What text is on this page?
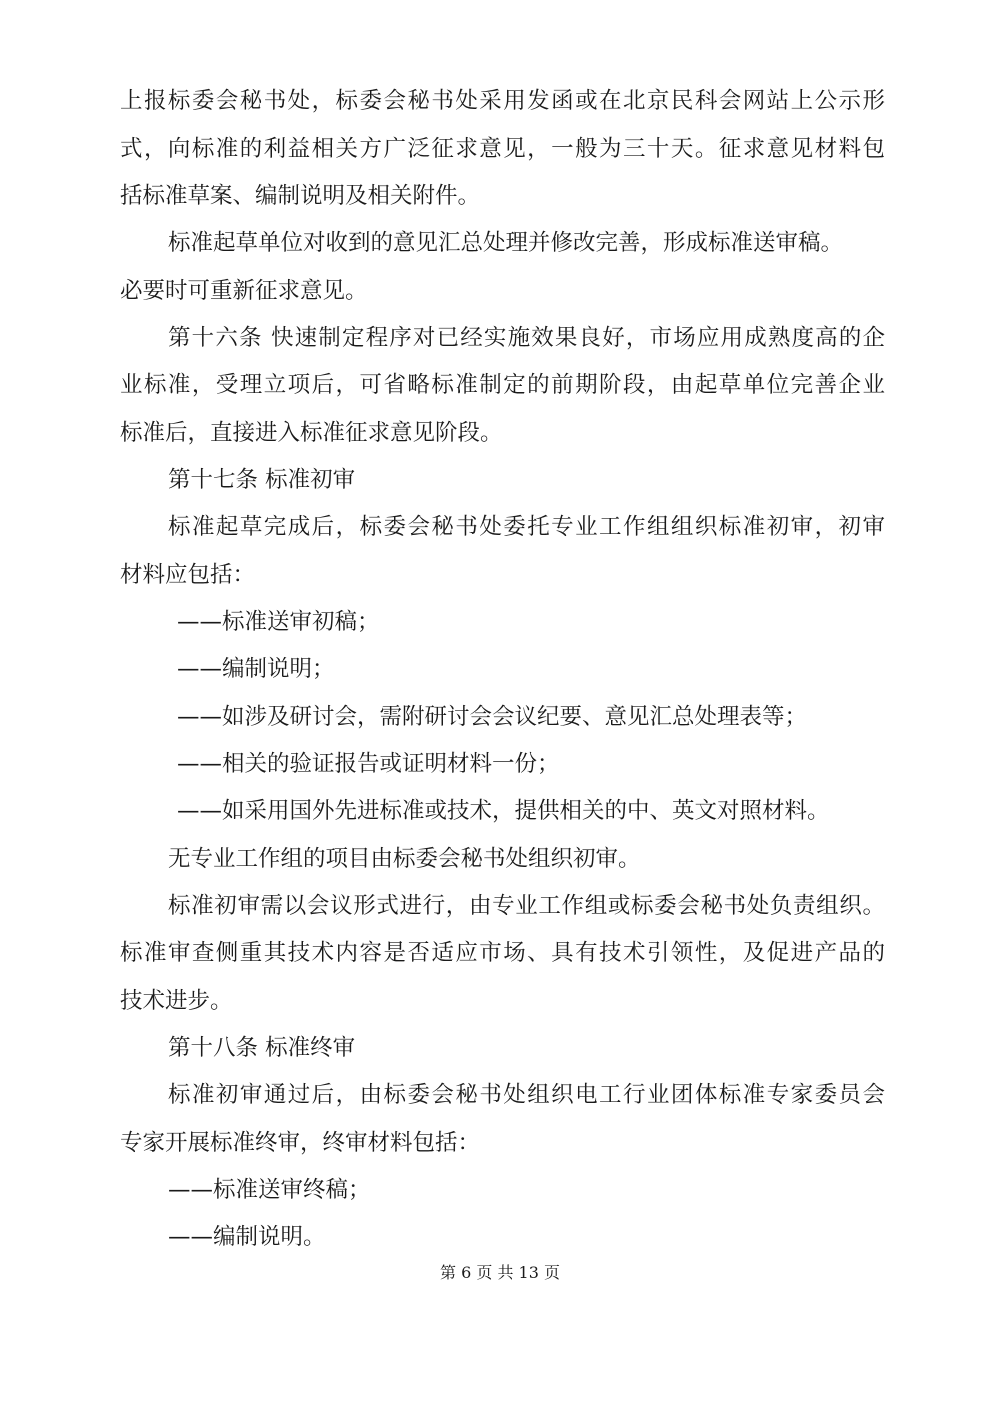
上报标委会秘书处，标委会秘书处采用发函或在北京民科会网站上公示形
式，向标准的利益相关方广泛征求意见，一般为三十天。征求意见材料包
括标准草案、编制说明及相关附件。
标准起草单位对收到的意见汇总处理并修改完善，形成标准送审稿。
必要时可重新征求意见。
第十六条 快速制定程序对已经实施效果良好，市场应用成熟度高的企
业标准，受理立项后，可省略标准制定的前期阶段，由起草单位完善企业
标准后，直接进入标准征求意见阶段。
第十七条 标准初审
标准起草完成后，标委会秘书处委托专业工作组组织标准初审，初审
材料应包括：
——标准送审初稿；
——编制说明；
——如涉及研讨会，需附研讨会会议纪要、意见汇总处理表等；
——相关的验证报告或证明材料一份；
——如采用国外先进标准或技术，提供相关的中、英文对照材料。
无专业工作组的项目由标委会秘书处组织初审。
标准初审需以会议形式进行，由专业工作组或标委会秘书处负责组织。
标准审查侧重其技术内容是否适应市场、具有技术引领性，及促进产品的
技术进步。
第十八条 标准终审
标准初审通过后，由标委会秘书处组织电工行业团体标准专家委员会
专家开展标准终审，终审材料包括：
——标准送审终稿；
——编制说明。
第 6 页 共 13 页
